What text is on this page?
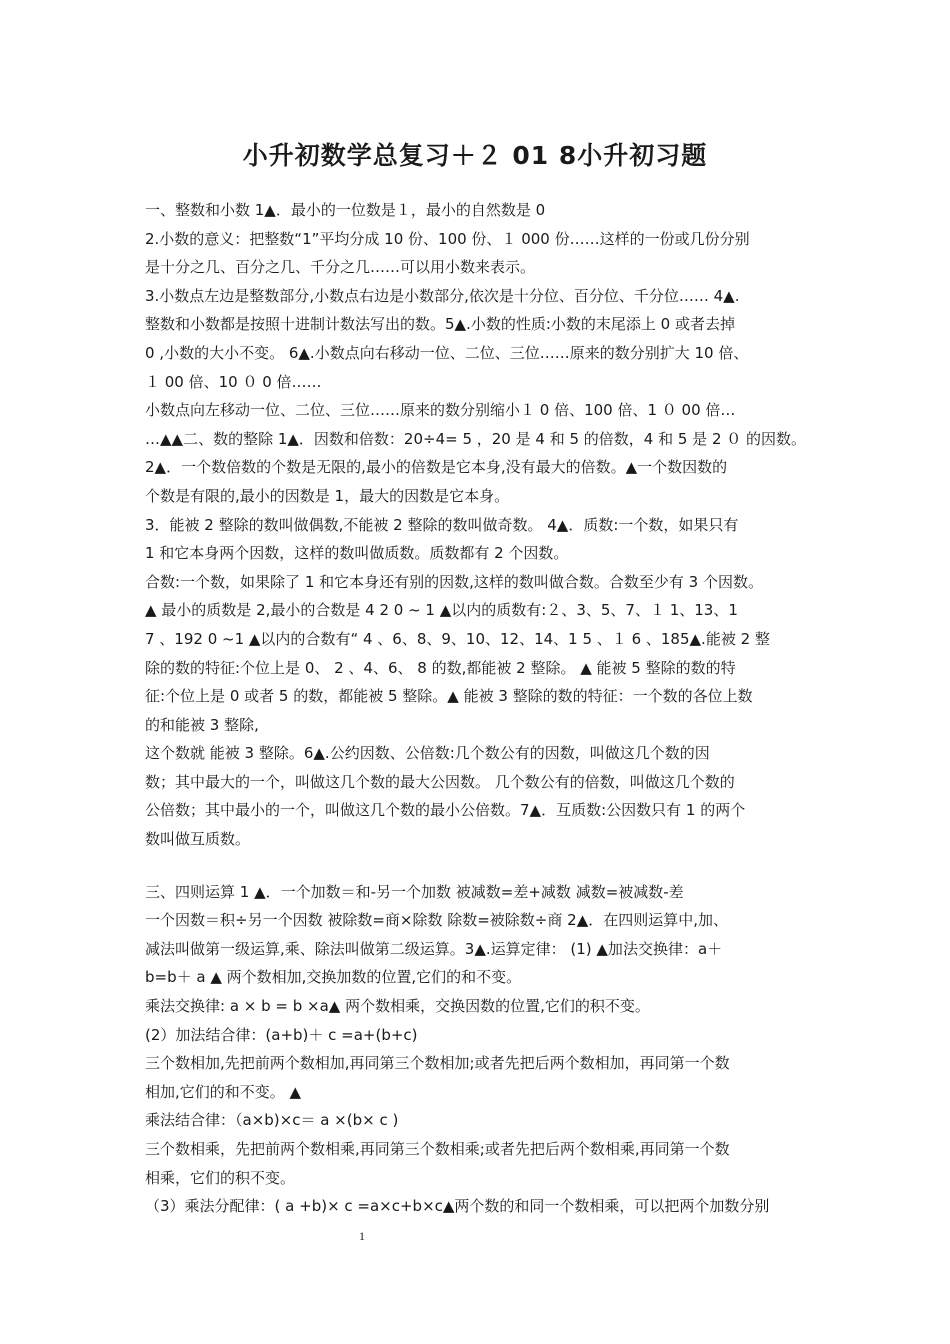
小升初数学总复习＋２ 01 8小升初习题
一、整数和小数 1▲．最小的一位数是１，最小的自然数是 0
2.小数的意义：把整数“1”平均分成 10 份、100 份、１ 000 份……这样的一份或几份分别
是十分之几、百分之几、千分之几……可以用小数来表示。
3.小数点左边是整数部分,小数点右边是小数部分,依次是十分位、百分位、千分位…… 4▲.
整数和小数都是按照十进制计数法写出的数。5▲.小数的性质:小数的末尾添上 0 或者去掉
0 ,小数的大小不变。 6▲.小数点向右移动一位、二位、三位……原来的数分别扩大 10 倍、
１ 00 倍、10 ０ 0 倍……
小数点向左移动一位、二位、三位……原来的数分别缩小１ 0 倍、100 倍、1 ０ 00 倍…
…▲▲二、数的整除 1▲．因数和倍数：20÷4= 5 ，20 是 4 和 5 的倍数，4 和 5 是 2 ０ 的因数。
2▲．一个数倍数的个数是无限的,最小的倍数是它本身,没有最大的倍数。▲一个数因数的
个数是有限的,最小的因数是 1，最大的因数是它本身。
3．能被 2 整除的数叫做偶数,不能被 2 整除的数叫做奇数。 4▲．质数:一个数，如果只有
1 和它本身两个因数，这样的数叫做质数。质数都有 2 个因数。
合数:一个数，如果除了 1 和它本身还有别的因数,这样的数叫做合数。合数至少有 3 个因数。
▲ 最小的质数是 2,最小的合数是 4 2 0 ~ 1 ▲以内的质数有:２、3、5、7、１ 1、13、1
7 、192 0 ~1 ▲以内的合数有“ 4 、6、8、9、10、12、14、1 5 、１ 6 、185▲.能被 2 整
除的数的特征:个位上是 0、 2 、4、6、 8 的数,都能被 2 整除。 ▲ 能被 5 整除的数的特
征:个位上是 0 或者 5 的数，都能被 5 整除。▲ 能被 3 整除的数的特征：一个数的各位上数
的和能被 3 整除,
这个数就 能被 3 整除。6▲.公约因数、公倍数:几个数公有的因数，叫做这几个数的因
数；其中最大的一个，叫做这几个数的最大公因数。 几个数公有的倍数，叫做这几个数的
公倍数；其中最小的一个，叫做这几个数的最小公倍数。7▲．互质数:公因数只有 1 的两个
数叫做互质数。
三、四则运算 1 ▲．一个加数＝和-另一个加数 被减数=差+减数 减数=被减数-差
一个因数＝积÷另一个因数 被除数=商×除数 除数=被除数÷商 2▲．在四则运算中,加、
减法叫做第一级运算,乘、除法叫做第二级运算。3▲.运算定律： (1) ▲加法交换律：a＋
b=b＋ a ▲ 两个数相加,交换加数的位置,它们的和不变。
乘法交换律: a × b = b ×a▲ 两个数相乘，交换因数的位置,它们的积不变。
(2）加法结合律：(a+b)＋ c =a+(b+c)
三个数相加,先把前两个数相加,再同第三个数相加;或者先把后两个数相加，再同第一个数
相加,它们的和不变。 ▲
乘法结合律：（a×b)×c＝ a ×(b× c )
三个数相乘，先把前两个数相乘,再同第三个数相乘;或者先把后两个数相乘,再同第一个数
相乘，它们的积不变。
（3）乘法分配律：( a +b)× c =a×c+b×c▲两个数的和同一个数相乘，可以把两个加数分别
1
